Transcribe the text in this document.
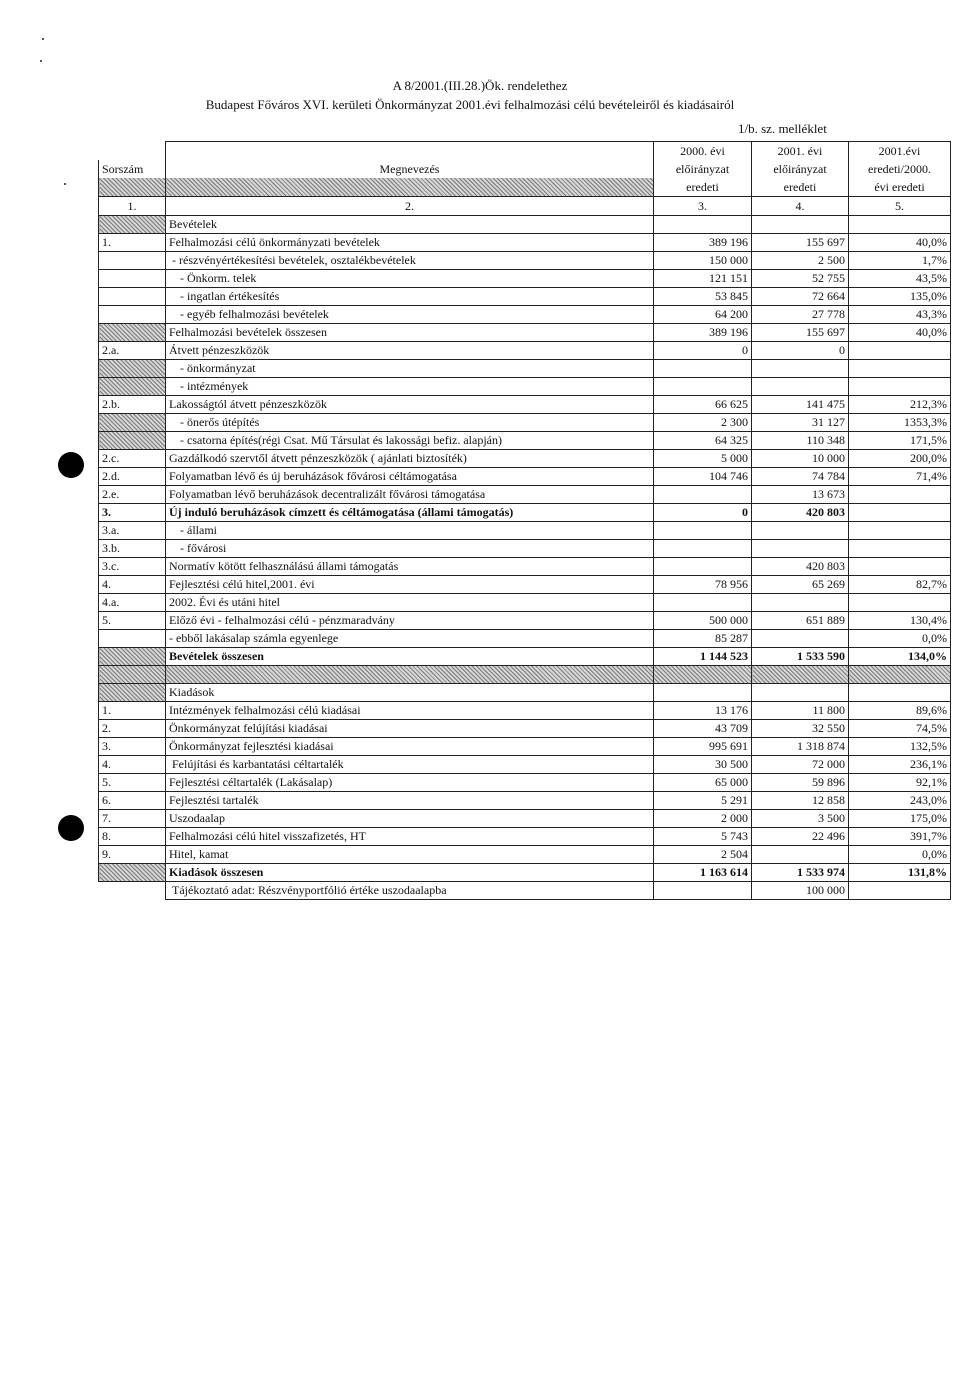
A 8/2001.(III.28.)Ök. rendelethez
Budapest Főváros XVI. kerületi Önkormányzat 2001.évi felhalmozási célú bevételeiről és kiadásairól
1/b. sz. melléklet
		2000. évi	2001. évi	2001.évi
Sorszám	Megnevezés	előirányzat	előirányzat	eredeti/2000.
		eredeti	eredeti	évi eredeti
1.	2.	3.	4.	5.
	Bevételek			
1.	Felhalmozási célú önkormányzati bevételek	389 196	155 697	40,0%
	- részvényértékesítési bevételek, osztalékbevételek	150 000	2 500	1,7%
	- Önkorm. telek	121 151	52 755	43,5%
	- ingatlan értékesítés	53 845	72 664	135,0%
	- egyéb felhalmozási bevételek	64 200	27 778	43,3%
	Felhalmozási bevételek összesen	389 196	155 697	40,0%
2.a.	Átvett pénzeszközök	0	0	
	- önkormányzat			
	- intézmények			
2.b.	Lakosságtól átvett pénzeszközök	66 625	141 475	212,3%
	- önerős útépítés	2 300	31 127	1353,3%
	- csatorna építés(régi Csat. Mű Társulat és lakossági befiz. alapján)	64 325	110 348	171,5%
2.c.	Gazdálkodó szervtől átvett pénzeszközök ( ajánlati biztosíték)	5 000	10 000	200,0%
2.d.	Folyamatban lévő és új beruházások fővárosi céltámogatása	104 746	74 784	71,4%
2.e.	Folyamatban lévő beruházások decentralizált fővárosi támogatása		13 673	
3.	Új induló beruházások címzett és céltámogatása (állami támogatás)	0	420 803	
3.a.	- állami			
3.b.	- fővárosi			
3.c.	Normatív kötött felhasználású állami támogatás		420 803	
4.	Fejlesztési célú hitel,2001. évi	78 956	65 269	82,7%
4.a.	2002. Évi és utáni hitel			
5.	Előző évi - felhalmozási célú - pénzmaradvány	500 000	651 889	130,4%
	- ebből lakásalap számla egyenlege	85 287		0,0%
	Bevételek összesen	1 144 523	1 533 590	134,0%

	Kiadások			
1.	Intézmények felhalmozási célú kiadásai	13 176	11 800	89,6%
2.	Önkormányzat felújítási kiadásai	43 709	32 550	74,5%
3.	Önkormányzat fejlesztési kiadásai	995 691	1 318 874	132,5%
4.	Felújítási és karbantatási céltartalék	30 500	72 000	236,1%
5.	Fejlesztési céltartalék (Lakásalap)	65 000	59 896	92,1%
6.	Fejlesztési tartalék	5 291	12 858	243,0%
7.	Uszodaalap	2 000	3 500	175,0%
8.	Felhalmozási célú hitel visszafizetés, HT	5 743	22 496	391,7%
9.	Hitel, kamat	2 504		0,0%
	Kiadások összesen	1 163 614	1 533 974	131,8%
	Tájékoztató adat: Részvényportfólió értéke uszodaalapba		100 000	
